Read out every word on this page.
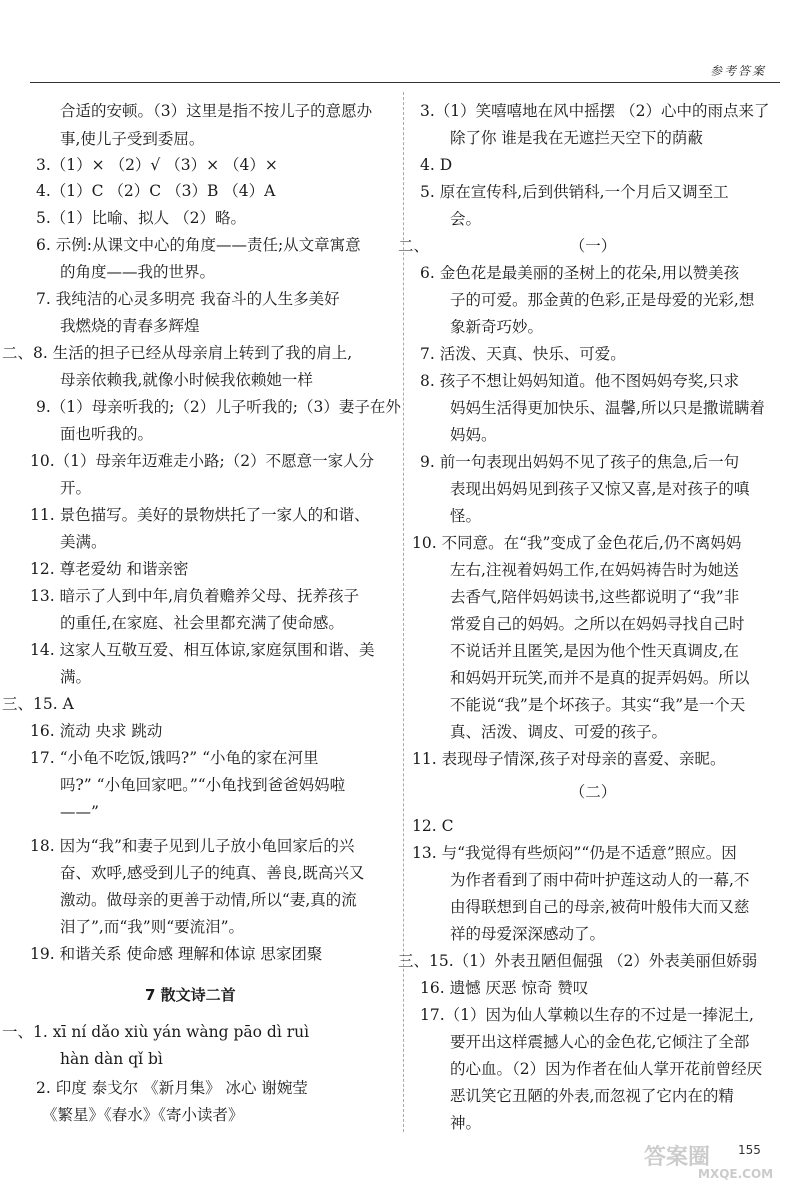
参考答案
合适的安顿。（3）这里是指不按儿子的意愿办
事,使儿子受到委屈。
3.（1）× （2）√ （3）× （4）×
4.（1）C （2）C （3）B （4）A
5.（1）比喻、拟人 （2）略。
6. 示例:从课文中心的角度——责任;从文章寓意
的角度——我的世界。
7. 我纯洁的心灵多明亮 我奋斗的人生多美好
我燃烧的青春多辉煌
二、8. 生活的担子已经从母亲肩上转到了我的肩上,
母亲依赖我,就像小时候我依赖她一样
9.（1）母亲听我的;（2）儿子听我的;（3）妻子在外
面也听我的。
10.（1）母亲年迈难走小路;（2）不愿意一家人分
开。
11. 景色描写。美好的景物烘托了一家人的和谐、
美满。
12. 尊老爱幼 和谐亲密
13. 暗示了人到中年,肩负着赡养父母、抚养孩子
的重任,在家庭、社会里都充满了使命感。
14. 这家人互敬互爱、相互体谅,家庭氛围和谐、美
满。
三、15. A
16. 流动 央求 跳动
17. “小龟不吃饭,饿吗?” “小龟的家在河里
吗?” “小龟回家吧。”“小龟找到爸爸妈妈啦
——”
18. 因为“我”和妻子见到儿子放小龟回家后的兴
奋、欢呼,感受到儿子的纯真、善良,既高兴又
激动。做母亲的更善于动情,所以“妻,真的流
泪了”,而“我”则“要流泪”。
19. 和谐关系 使命感 理解和体谅 思家团聚
7 散文诗二首
一、1. xī ní dǎo xiù yán wàng pāo dì ruì
hàn dàn qǐ bì
2. 印度 泰戈尔 《新月集》 冰心 谢婉莹
《繁星》《春水》《寄小读者》
3.（1）笑嘻嘻地在风中摇摆 （2）心中的雨点来了
除了你 谁是我在无遮拦天空下的荫蔽
4. D
5. 原在宣传科,后到供销科,一个月后又调至工
会。
二、	（一）
6. 金色花是最美丽的圣树上的花朵,用以赞美孩
子的可爱。那金黄的色彩,正是母爱的光彩,想
象新奇巧妙。
7. 活泼、天真、快乐、可爱。
8. 孩子不想让妈妈知道。他不图妈妈夸奖,只求
妈妈生活得更加快乐、温馨,所以只是撒谎瞒着
妈妈。
9. 前一句表现出妈妈不见了孩子的焦急,后一句
表现出妈妈见到孩子又惊又喜,是对孩子的嗔
怪。
10. 不同意。在“我”变成了金色花后,仍不离妈妈
左右,注视着妈妈工作,在妈妈祷告时为她送
去香气,陪伴妈妈读书,这些都说明了“我”非
常爱自己的妈妈。之所以在妈妈寻找自己时
不说话并且匿笑,是因为他个性天真调皮,在
和妈妈开玩笑,而并不是真的捉弄妈妈。所以
不能说“我”是个坏孩子。其实“我”是一个天
真、活泼、调皮、可爱的孩子。
11. 表现母子情深,孩子对母亲的喜爱、亲昵。
（二）
12. C
13. 与“我觉得有些烦闷”“仍是不适意”照应。因
为作者看到了雨中荷叶护莲这动人的一幕,不
由得联想到自己的母亲,被荷叶般伟大而又慈
祥的母爱深深感动了。
三、15.（1）外表丑陋但倔强 （2）外表美丽但娇弱
16. 遗憾 厌恶 惊奇 赞叹
17.（1）因为仙人掌赖以生存的不过是一捧泥土,
要开出这样震撼人心的金色花,它倾注了全部
的心血。（2）因为作者在仙人掌开花前曾经厌
恶讥笑它丑陋的外表,而忽视了它内在的精
神。
155
答案圈
MXQE.COM
